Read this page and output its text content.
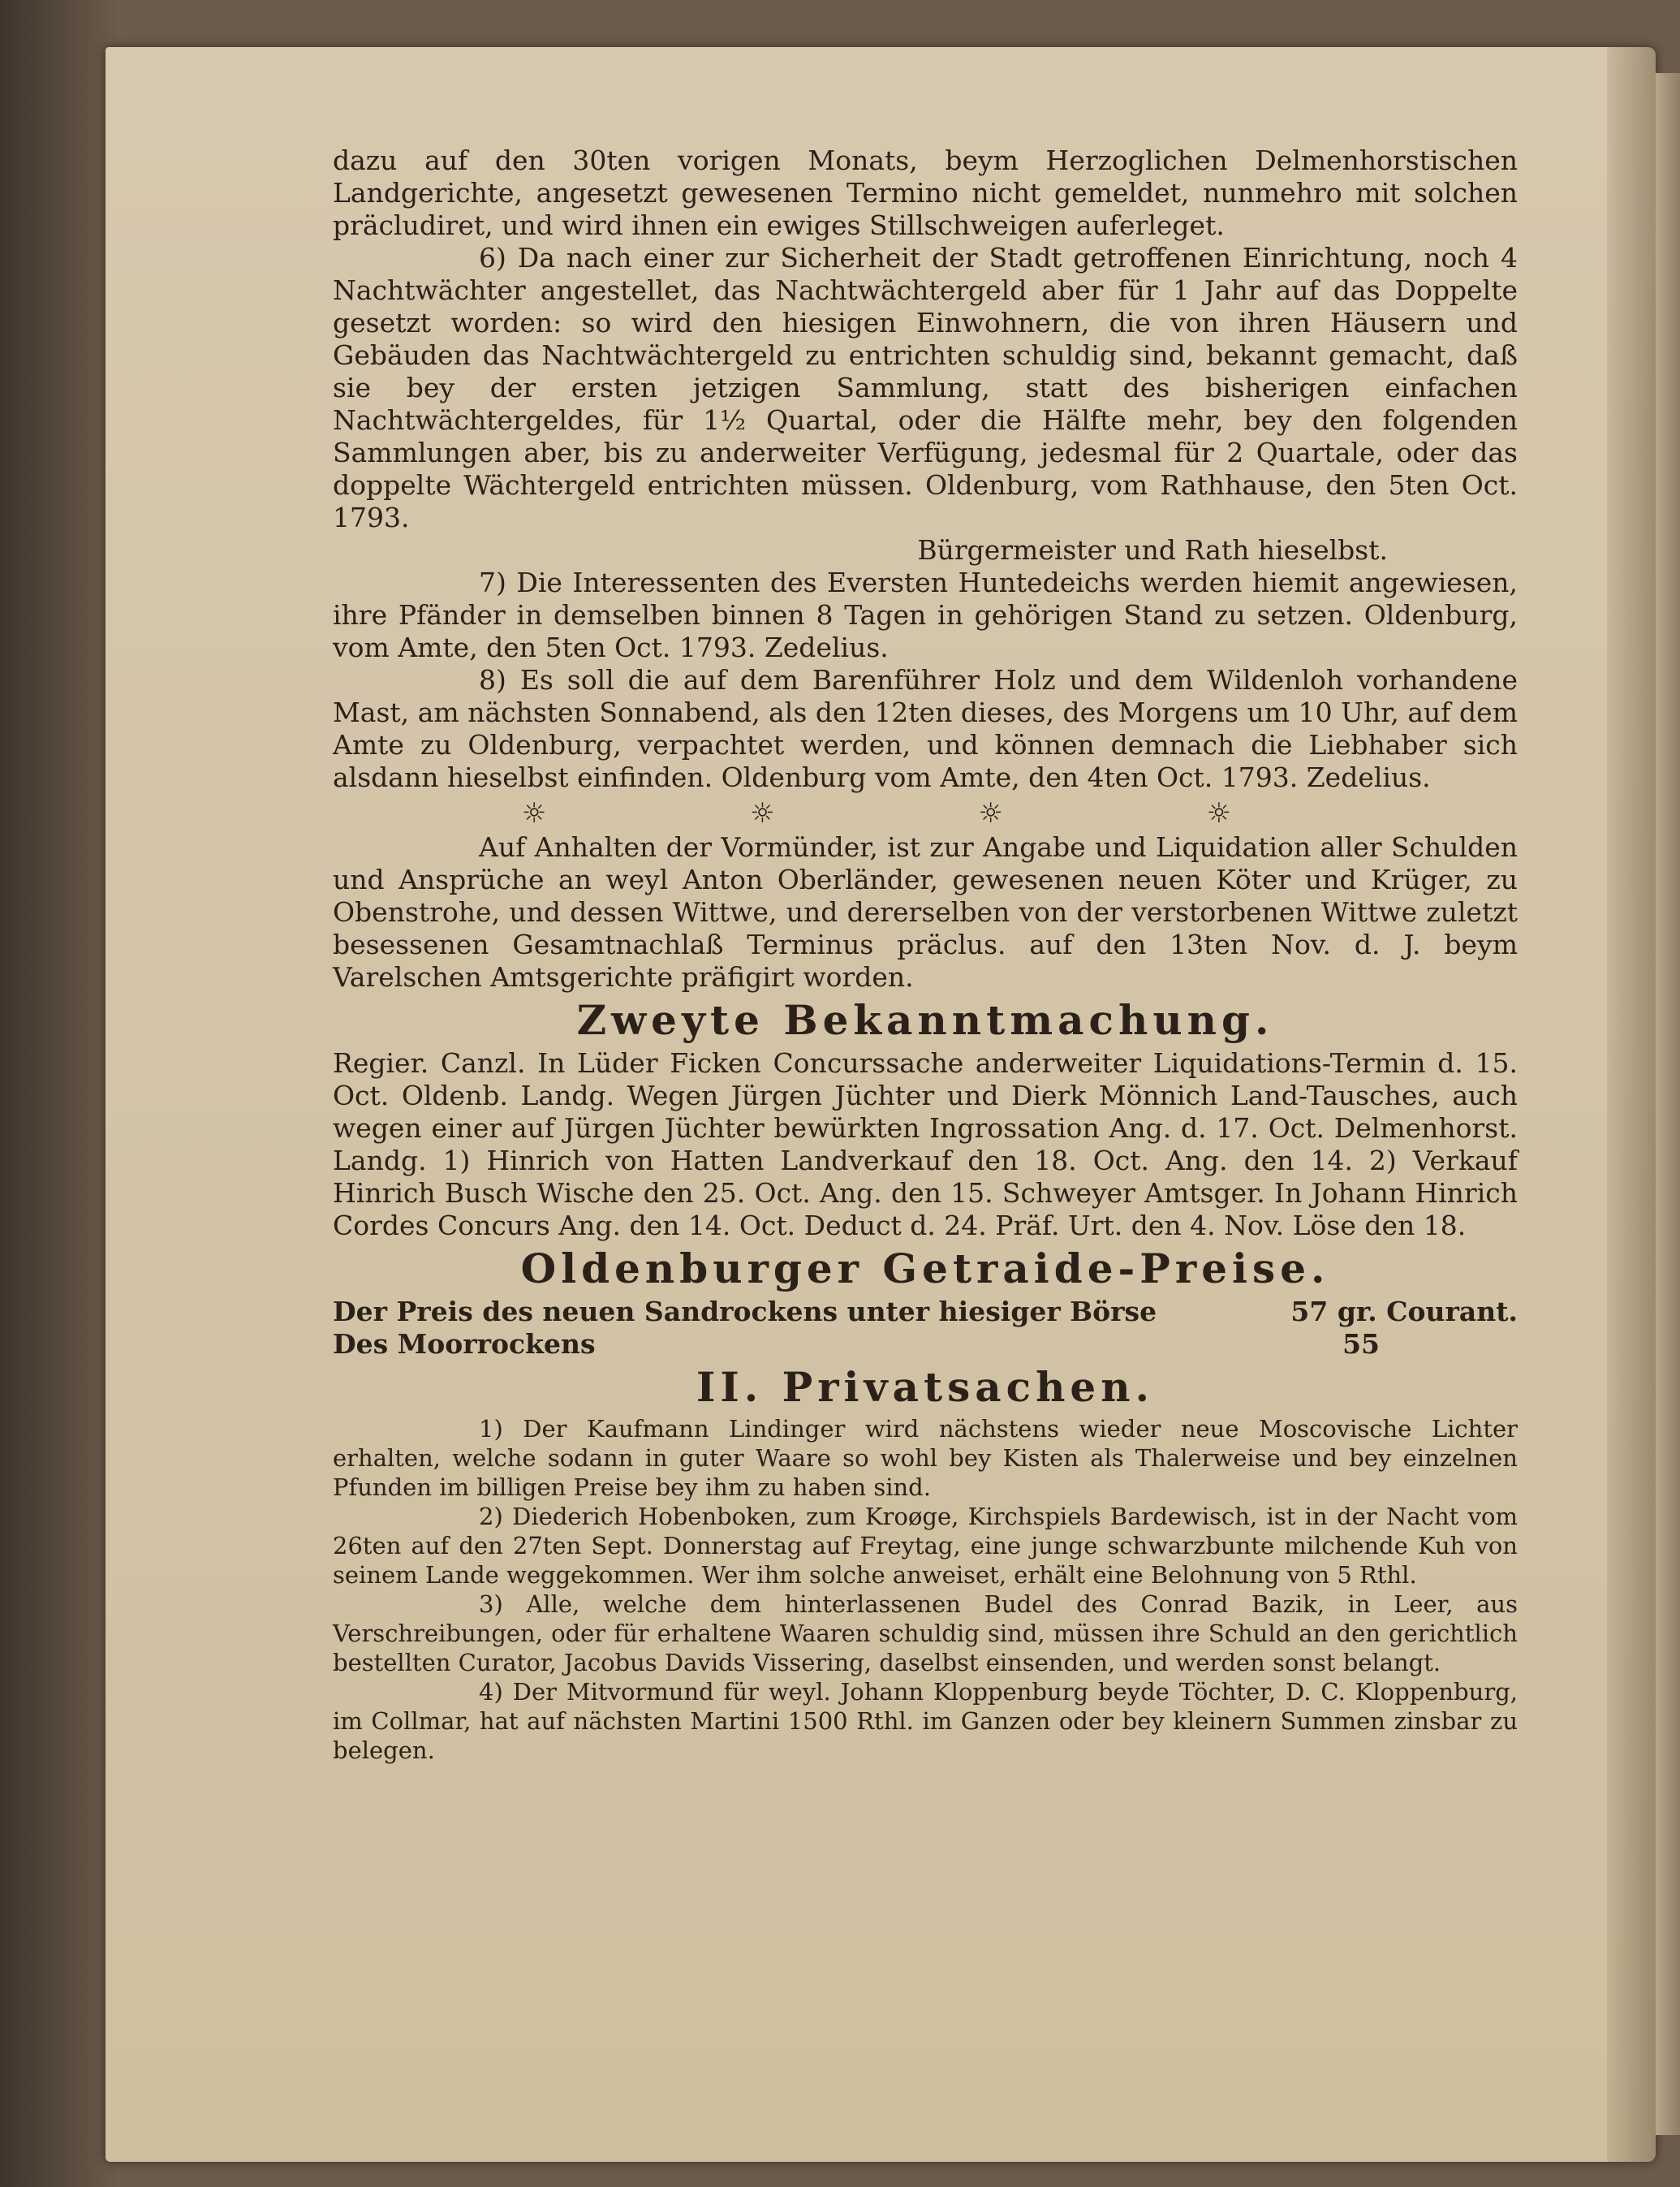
dazu auf den 30ten vorigen Monats, beym Herzoglichen Delmenhorstischen Landgerichte, angesetzt gewesenen Termino nicht gemeldet, nunmehro mit solchen präcludiret, und wird ihnen ein ewiges Stillschweigen auferleget.

6) Da nach einer zur Sicherheit der Stadt getroffenen Einrichtung, noch 4 Nachtwächter angestellet, das Nachtwächtergeld aber für 1 Jahr auf das Doppelte gesetzt worden: so wird den hiesigen Einwohnern, die von ihren Häusern und Gebäuden das Nachtwächtergeld zu entrichten schuldig sind, bekannt gemacht, daß sie bey der ersten jetzigen Sammlung, statt des bisherigen einfachen Nachtwächtergeldes, für 1½ Quartal, oder die Hälfte mehr, bey den folgenden Sammlungen aber, bis zu anderweiter Verfügung, jedesmal für 2 Quartale, oder das doppelte Wächtergeld entrichten müssen. Oldenburg, vom Rathhause, den 5ten Oct. 1793.

Bürgermeister und Rath hieselbst.

7) Die Interessenten des Eversten Huntedeichs werden hiemit angewiesen, ihre Pfänder in demselben binnen 8 Tagen in gehörigen Stand zu setzen. Oldenburg, vom Amte, den 5ten Oct. 1793. Zedelius.

8) Es soll die auf dem Barenführer Holz und dem Wildenloh vorhandene Mast, am nächsten Sonnabend, als den 12ten dieses, des Morgens um 10 Uhr, auf dem Amte zu Oldenburg, verpachtet werden, und können demnach die Liebhaber sich alsdann hieselbst einfinden. Oldenburg vom Amte, den 4ten Oct. 1793. Zedelius.

☼ ☼ ☼ ☼

Auf Anhalten der Vormünder, ist zur Angabe und Liquidation aller Schulden und Ansprüche an weyl Anton Oberländer, gewesenen neuen Köter und Krüger, zu Obenstrohe, und dessen Wittwe, und dererselben von der verstorbenen Wittwe zuletzt besessenen Gesamtnachlaß Terminus präclus. auf den 13ten Nov. d. J. beym Varelschen Amtsgerichte präfigirt worden.

Zweyte Bekanntmachung.

Regier. Canzl. In Lüder Ficken Concurssache anderweiter Liquidations-Termin d. 15. Oct. Oldenb. Landg. Wegen Jürgen Jüchter und Dierk Mönnich Land-Tausches, auch wegen einer auf Jürgen Jüchter bewürkten Ingrossation Ang. d. 17. Oct. Delmenhorst. Landg. 1) Hinrich von Hatten Landverkauf den 18. Oct. Ang. den 14. 2) Verkauf Hinrich Busch Wische den 25. Oct. Ang. den 15. Schweyer Amtsger. In Johann Hinrich Cordes Concurs Ang. den 14. Oct. Deduct d. 24. Präf. Urt. den 4. Nov. Löse den 18.

Oldenburger Getraide-Preise.
Der Preis des neuen Sandrockens unter hiesiger Börse	57 gr. Courant.
Des Moorrockens	55
II. Privatsachen.

1) Der Kaufmann Lindinger wird nächstens wieder neue Moscovische Lichter erhalten, welche sodann in guter Waare so wohl bey Kisten als Thalerweise und bey einzelnen Pfunden im billigen Preise bey ihm zu haben sind.

2) Diederich Hobenboken, zum Kroøge, Kirchspiels Bardewisch, ist in der Nacht vom 26ten auf den 27ten Sept. Donnerstag auf Freytag, eine junge schwarzbunte milchende Kuh von seinem Lande weggekommen. Wer ihm solche anweiset, erhält eine Belohnung von 5 Rthl.

3) Alle, welche dem hinterlassenen Budel des Conrad Bazik, in Leer, aus Verschreibungen, oder für erhaltene Waaren schuldig sind, müssen ihre Schuld an den gerichtlich bestellten Curator, Jacobus Davids Vissering, daselbst einsenden, und werden sonst belangt.

4) Der Mitvormund für weyl. Johann Kloppenburg beyde Töchter, D. C. Kloppenburg, im Collmar, hat auf nächsten Martini 1500 Rthl. im Ganzen oder bey kleinern Summen zinsbar zu belegen.
